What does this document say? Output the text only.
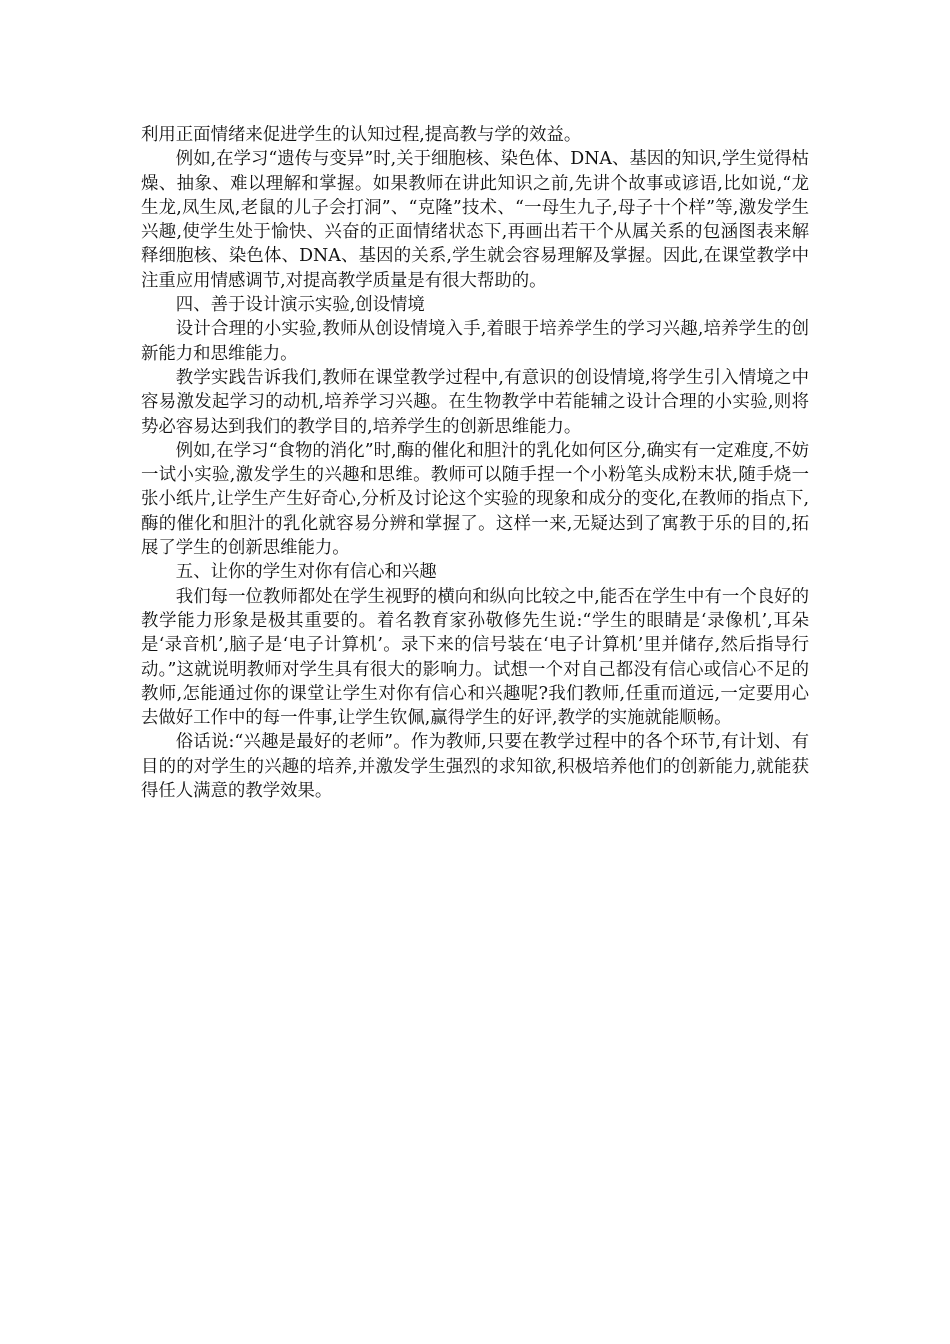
利用正面情绪来促进学生的认知过程,提高教与学的效益。

例如,在学习“遗传与变异”时,关于细胞核、染色体、DNA、基因的知识,学生觉得枯燥、抽象、难以理解和掌握。如果教师在讲此知识之前,先讲个故事或谚语,比如说,“龙生龙,凤生凤,老鼠的儿子会打洞”、“克隆”技术、“一母生九子,母子十个样”等,激发学生兴趣,使学生处于愉快、兴奋的正面情绪状态下,再画出若干个从属关系的包涵图表来解释细胞核、染色体、DNA、基因的关系,学生就会容易理解及掌握。因此,在课堂教学中注重应用情感调节,对提高教学质量是有很大帮助的。

四、善于设计演示实验,创设情境

设计合理的小实验,教师从创设情境入手,着眼于培养学生的学习兴趣,培养学生的创新能力和思维能力。

教学实践告诉我们,教师在课堂教学过程中,有意识的创设情境,将学生引入情境之中容易激发起学习的动机,培养学习兴趣。在生物教学中若能辅之设计合理的小实验,则将势必容易达到我们的教学目的,培养学生的创新思维能力。

例如,在学习“食物的消化”时,酶的催化和胆汁的乳化如何区分,确实有一定难度,不妨一试小实验,激发学生的兴趣和思维。教师可以随手捏一个小粉笔头成粉末状,随手烧一张小纸片,让学生产生好奇心,分析及讨论这个实验的现象和成分的变化,在教师的指点下,酶的催化和胆汁的乳化就容易分辨和掌握了。这样一来,无疑达到了寓教于乐的目的,拓展了学生的创新思维能力。

五、让你的学生对你有信心和兴趣

我们每一位教师都处在学生视野的横向和纵向比较之中,能否在学生中有一个良好的教学能力形象是极其重要的。着名教育家孙敬修先生说:“学生的眼睛是‘录像机’,耳朵是‘录音机’,脑子是‘电子计算机’。录下来的信号装在‘电子计算机’里并储存,然后指导行动。”这就说明教师对学生具有很大的影响力。试想一个对自己都没有信心或信心不足的教师,怎能通过你的课堂让学生对你有信心和兴趣呢?我们教师,任重而道远,一定要用心去做好工作中的每一件事,让学生钦佩,赢得学生的好评,教学的实施就能顺畅。

俗话说:“兴趣是最好的老师”。作为教师,只要在教学过程中的各个环节,有计划、有目的的对学生的兴趣的培养,并激发学生强烈的求知欲,积极培养他们的创新能力,就能获得任人满意的教学效果。
